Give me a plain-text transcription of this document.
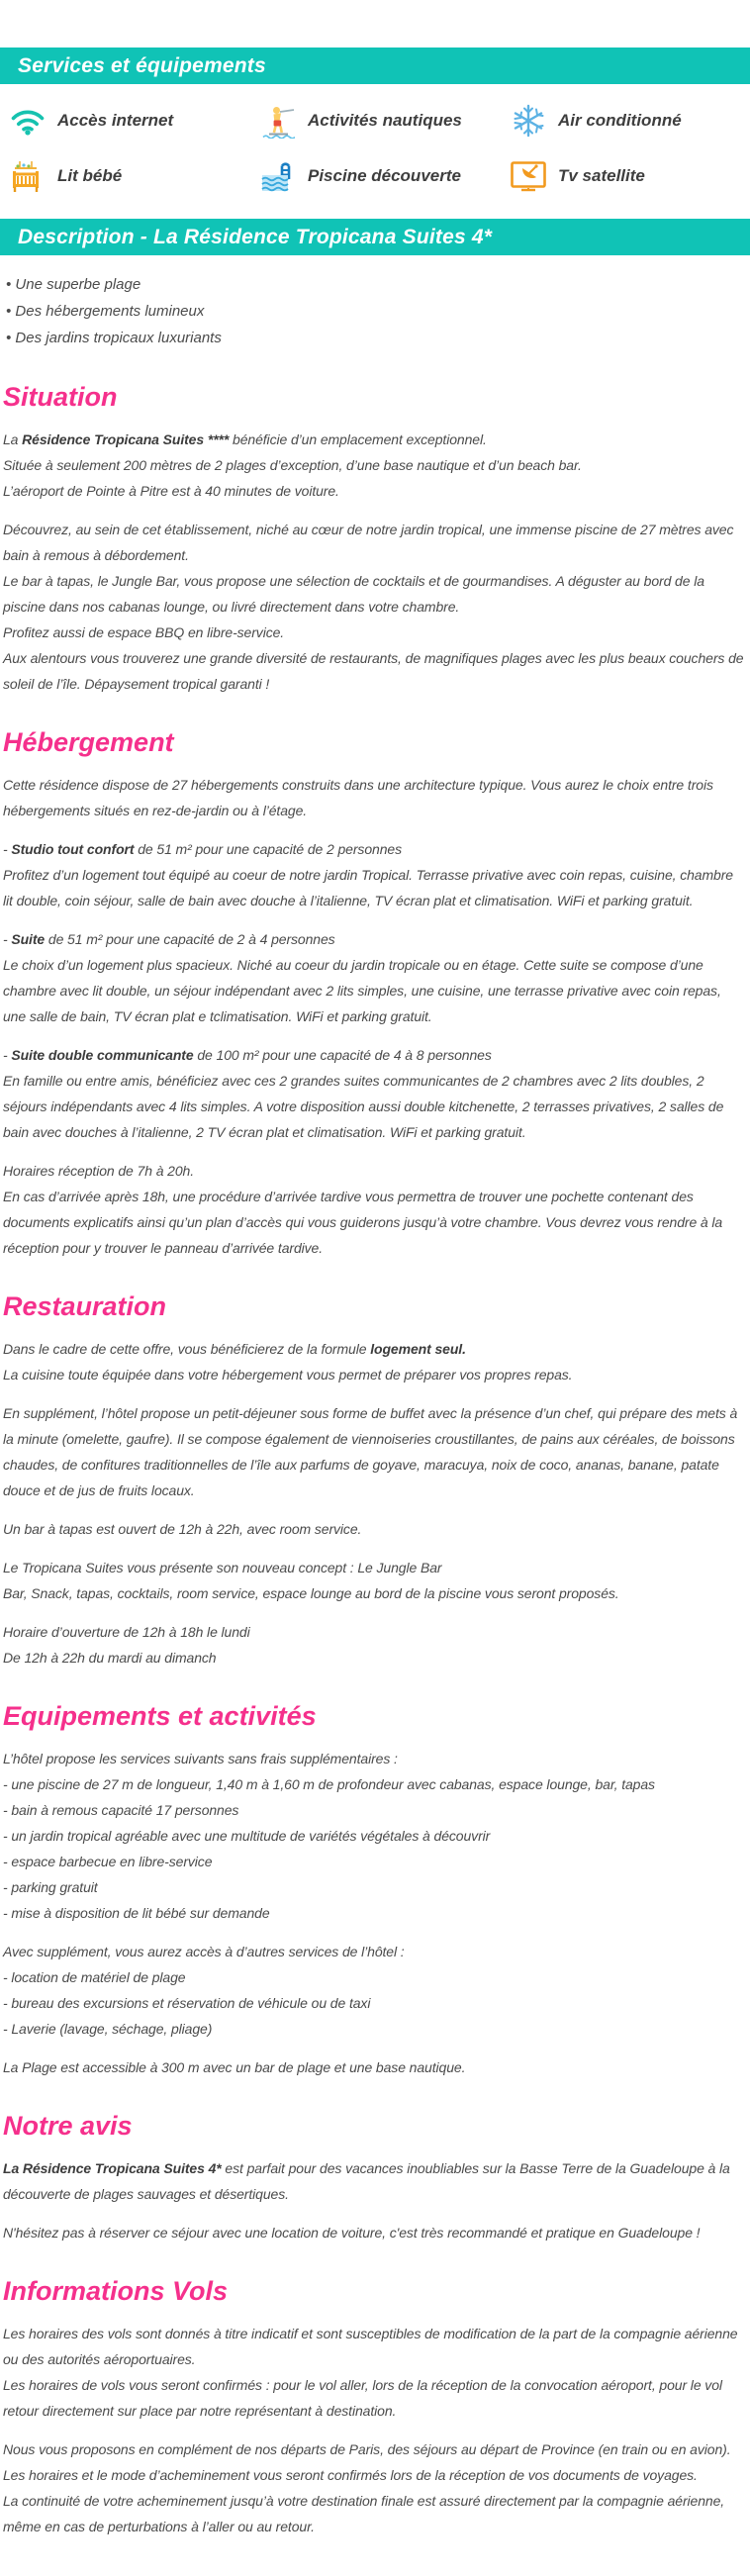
Services et équipements
Accès internet	Activités nautiques	Air conditionné
Lit bébé	Piscine découverte	Tv satellite
Description - La Résidence Tropicana Suites 4*
• Une superbe plage
• Des hébergements lumineux
• Des jardins tropicaux luxuriants
Situation

La Résidence Tropicana Suites **** bénéficie d’un emplacement exceptionnel.
Située à seulement 200 mètres de 2 plages d’exception, d’une base nautique et d’un beach bar.
L’aéroport de Pointe à Pitre est à 40 minutes de voiture.

Découvrez, au sein de cet établissement, niché au cœur de notre jardin tropical, une immense piscine de 27 mètres avec bain à remous à débordement.
Le bar à tapas, le Jungle Bar, vous propose une sélection de cocktails et de gourmandises. A déguster au bord de la piscine dans nos cabanas lounge, ou livré directement dans votre chambre.
Profitez aussi de espace BBQ en libre-service.
Aux alentours vous trouverez une grande diversité de restaurants, de magnifiques plages avec les plus beaux couchers de soleil de l’île. Dépaysement tropical garanti !

Hébergement

Cette résidence dispose de 27 hébergements construits dans une architecture typique. Vous aurez le choix entre trois hébergements situés en rez-de-jardin ou à l’étage.

- Studio tout confort de 51 m² pour une capacité de 2 personnes
Profitez d’un logement tout équipé au coeur de notre jardin Tropical. Terrasse privative avec coin repas, cuisine, chambre lit double, coin séjour, salle de bain avec douche à l’italienne, TV écran plat et climatisation. WiFi et parking gratuit.

- Suite de 51 m² pour une capacité de 2 à 4 personnes
Le choix d’un logement plus spacieux. Niché au coeur du jardin tropicale ou en étage. Cette suite se compose d’une chambre avec lit double, un séjour indépendant avec 2 lits simples, une cuisine, une terrasse privative avec coin repas, une salle de bain, TV écran plat e tclimatisation. WiFi et parking gratuit.

- Suite double communicante de 100 m² pour une capacité de 4 à 8 personnes
En famille ou entre amis, bénéficiez avec ces 2 grandes suites communicantes de 2 chambres avec 2 lits doubles, 2 séjours indépendants avec 4 lits simples. A votre disposition aussi double kitchenette, 2 terrasses privatives, 2 salles de bain avec douches à l’italienne, 2 TV écran plat et climatisation. WiFi et parking gratuit.

Horaires réception de 7h à 20h.
En cas d’arrivée après 18h, une procédure d’arrivée tardive vous permettra de trouver une pochette contenant des documents explicatifs ainsi qu’un plan d’accès qui vous guiderons jusqu’à votre chambre. Vous devrez vous rendre à la réception pour y trouver le panneau d’arrivée tardive.

Restauration

Dans le cadre de cette offre, vous bénéficierez de la formule logement seul.
La cuisine toute équipée dans votre hébergement vous permet de préparer vos propres repas.

En supplément, l’hôtel propose un petit-déjeuner sous forme de buffet avec la présence d’un chef, qui prépare des mets à la minute (omelette, gaufre). Il se compose également de viennoiseries croustillantes, de pains aux céréales, de boissons chaudes, de confitures traditionnelles de l’île aux parfums de goyave, maracuya, noix de coco, ananas, banane, patate douce et de jus de fruits locaux.

Un bar à tapas est ouvert de 12h à 22h, avec room service.

Le Tropicana Suites vous présente son nouveau concept : Le Jungle Bar
Bar, Snack, tapas, cocktails, room service, espace lounge au bord de la piscine vous seront proposés.

Horaire d’ouverture de 12h à 18h le lundi
De 12h à 22h du mardi au dimanch

Equipements et activités

L’hôtel propose les services suivants sans frais supplémentaires :
- une piscine de 27 m de longueur, 1,40 m à 1,60 m de profondeur avec cabanas, espace lounge, bar, tapas
- bain à remous capacité 17 personnes
- un jardin tropical agréable avec une multitude de variétés végétales à découvrir
- espace barbecue en libre-service
- parking gratuit
- mise à disposition de lit bébé sur demande

Avec supplément, vous aurez accès à d’autres services de l’hôtel :
- location de matériel de plage
- bureau des excursions et réservation de véhicule ou de taxi
- Laverie (lavage, séchage, pliage)

La Plage est accessible à 300 m avec un bar de plage et une base nautique.

Notre avis

La Résidence Tropicana Suites 4* est parfait pour des vacances inoubliables sur la Basse Terre de la Guadeloupe à la découverte de plages sauvages et désertiques.

N'hésitez pas à réserver ce séjour avec une location de voiture, c'est très recommandé et pratique en Guadeloupe !

Informations Vols

Les horaires des vols sont donnés à titre indicatif et sont susceptibles de modification de la part de la compagnie aérienne ou des autorités aéroportuaires.
Les horaires de vols vous seront confirmés : pour le vol aller, lors de la réception de la convocation aéroport, pour le vol retour directement sur place par notre représentant à destination.

Nous vous proposons en complément de nos départs de Paris, des séjours au départ de Province (en train ou en avion).
Les horaires et le mode d’acheminement vous seront confirmés lors de la réception de vos documents de voyages.
La continuité de votre acheminement jusqu’à votre destination finale est assuré directement par la compagnie aérienne, même en cas de perturbations à l’aller ou au retour.
